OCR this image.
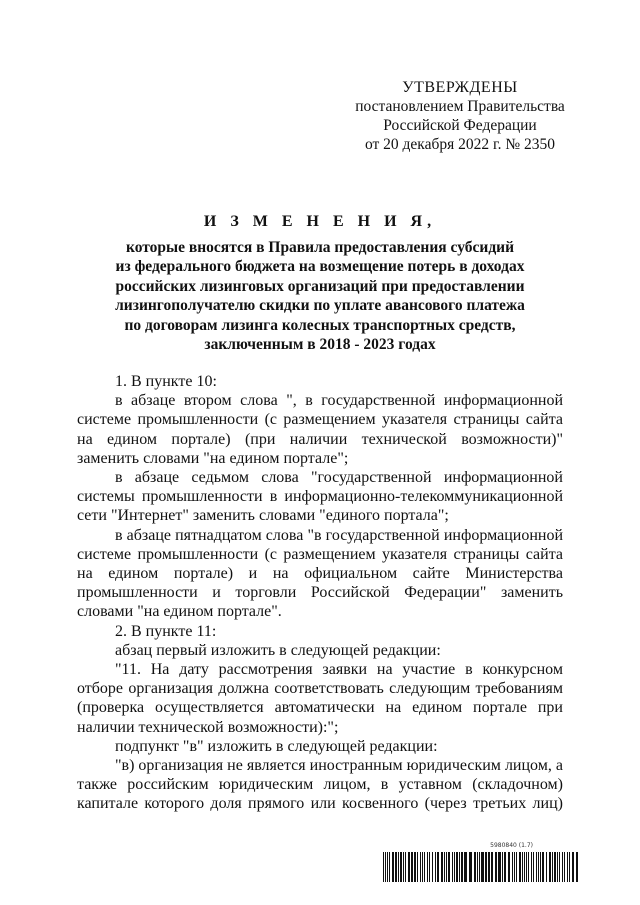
УТВЕРЖДЕНЫ
постановлением Правительства
Российской Федерации
от 20 декабря 2022 г. № 2350
И З М Е Н Е Н И Я,
которые вносятся в Правила предоставления субсидий
из федерального бюджета на возмещение потерь в доходах
российских лизинговых организаций при предоставлении
лизингополучателю скидки по уплате авансового платежа
по договорам лизинга колесных транспортных средств,
заключенным в 2018 - 2023 годах

1. В пункте 10:

в абзаце втором слова ", в государственной информационной системе промышленности (с размещением указателя страницы сайта на едином портале) (при наличии технической возможности)" заменить словами "на едином портале";

в абзаце седьмом слова "государственной информационной системы промышленности в информационно-телекоммуникационной сети "Интернет" заменить словами "единого портала";

в абзаце пятнадцатом слова "в государственной информационной системе промышленности (с размещением указателя страницы сайта на едином портале) и на официальном сайте Министерства промышленности и торговли Российской Федерации" заменить словами "на едином портале".

2. В пункте 11:

абзац первый изложить в следующей редакции:

"11. На дату рассмотрения заявки на участие в конкурсном отборе организация должна соответствовать следующим требованиям (проверка осуществляется автоматически на едином портале при наличии технической возможности):";

подпункт "в" изложить в следующей редакции:

"в) организация не является иностранным юридическим лицом, а также российским юридическим лицом, в уставном (складочном) капитале которого доля прямого или косвенного (через третьих лиц)

5980840 (1.7)
